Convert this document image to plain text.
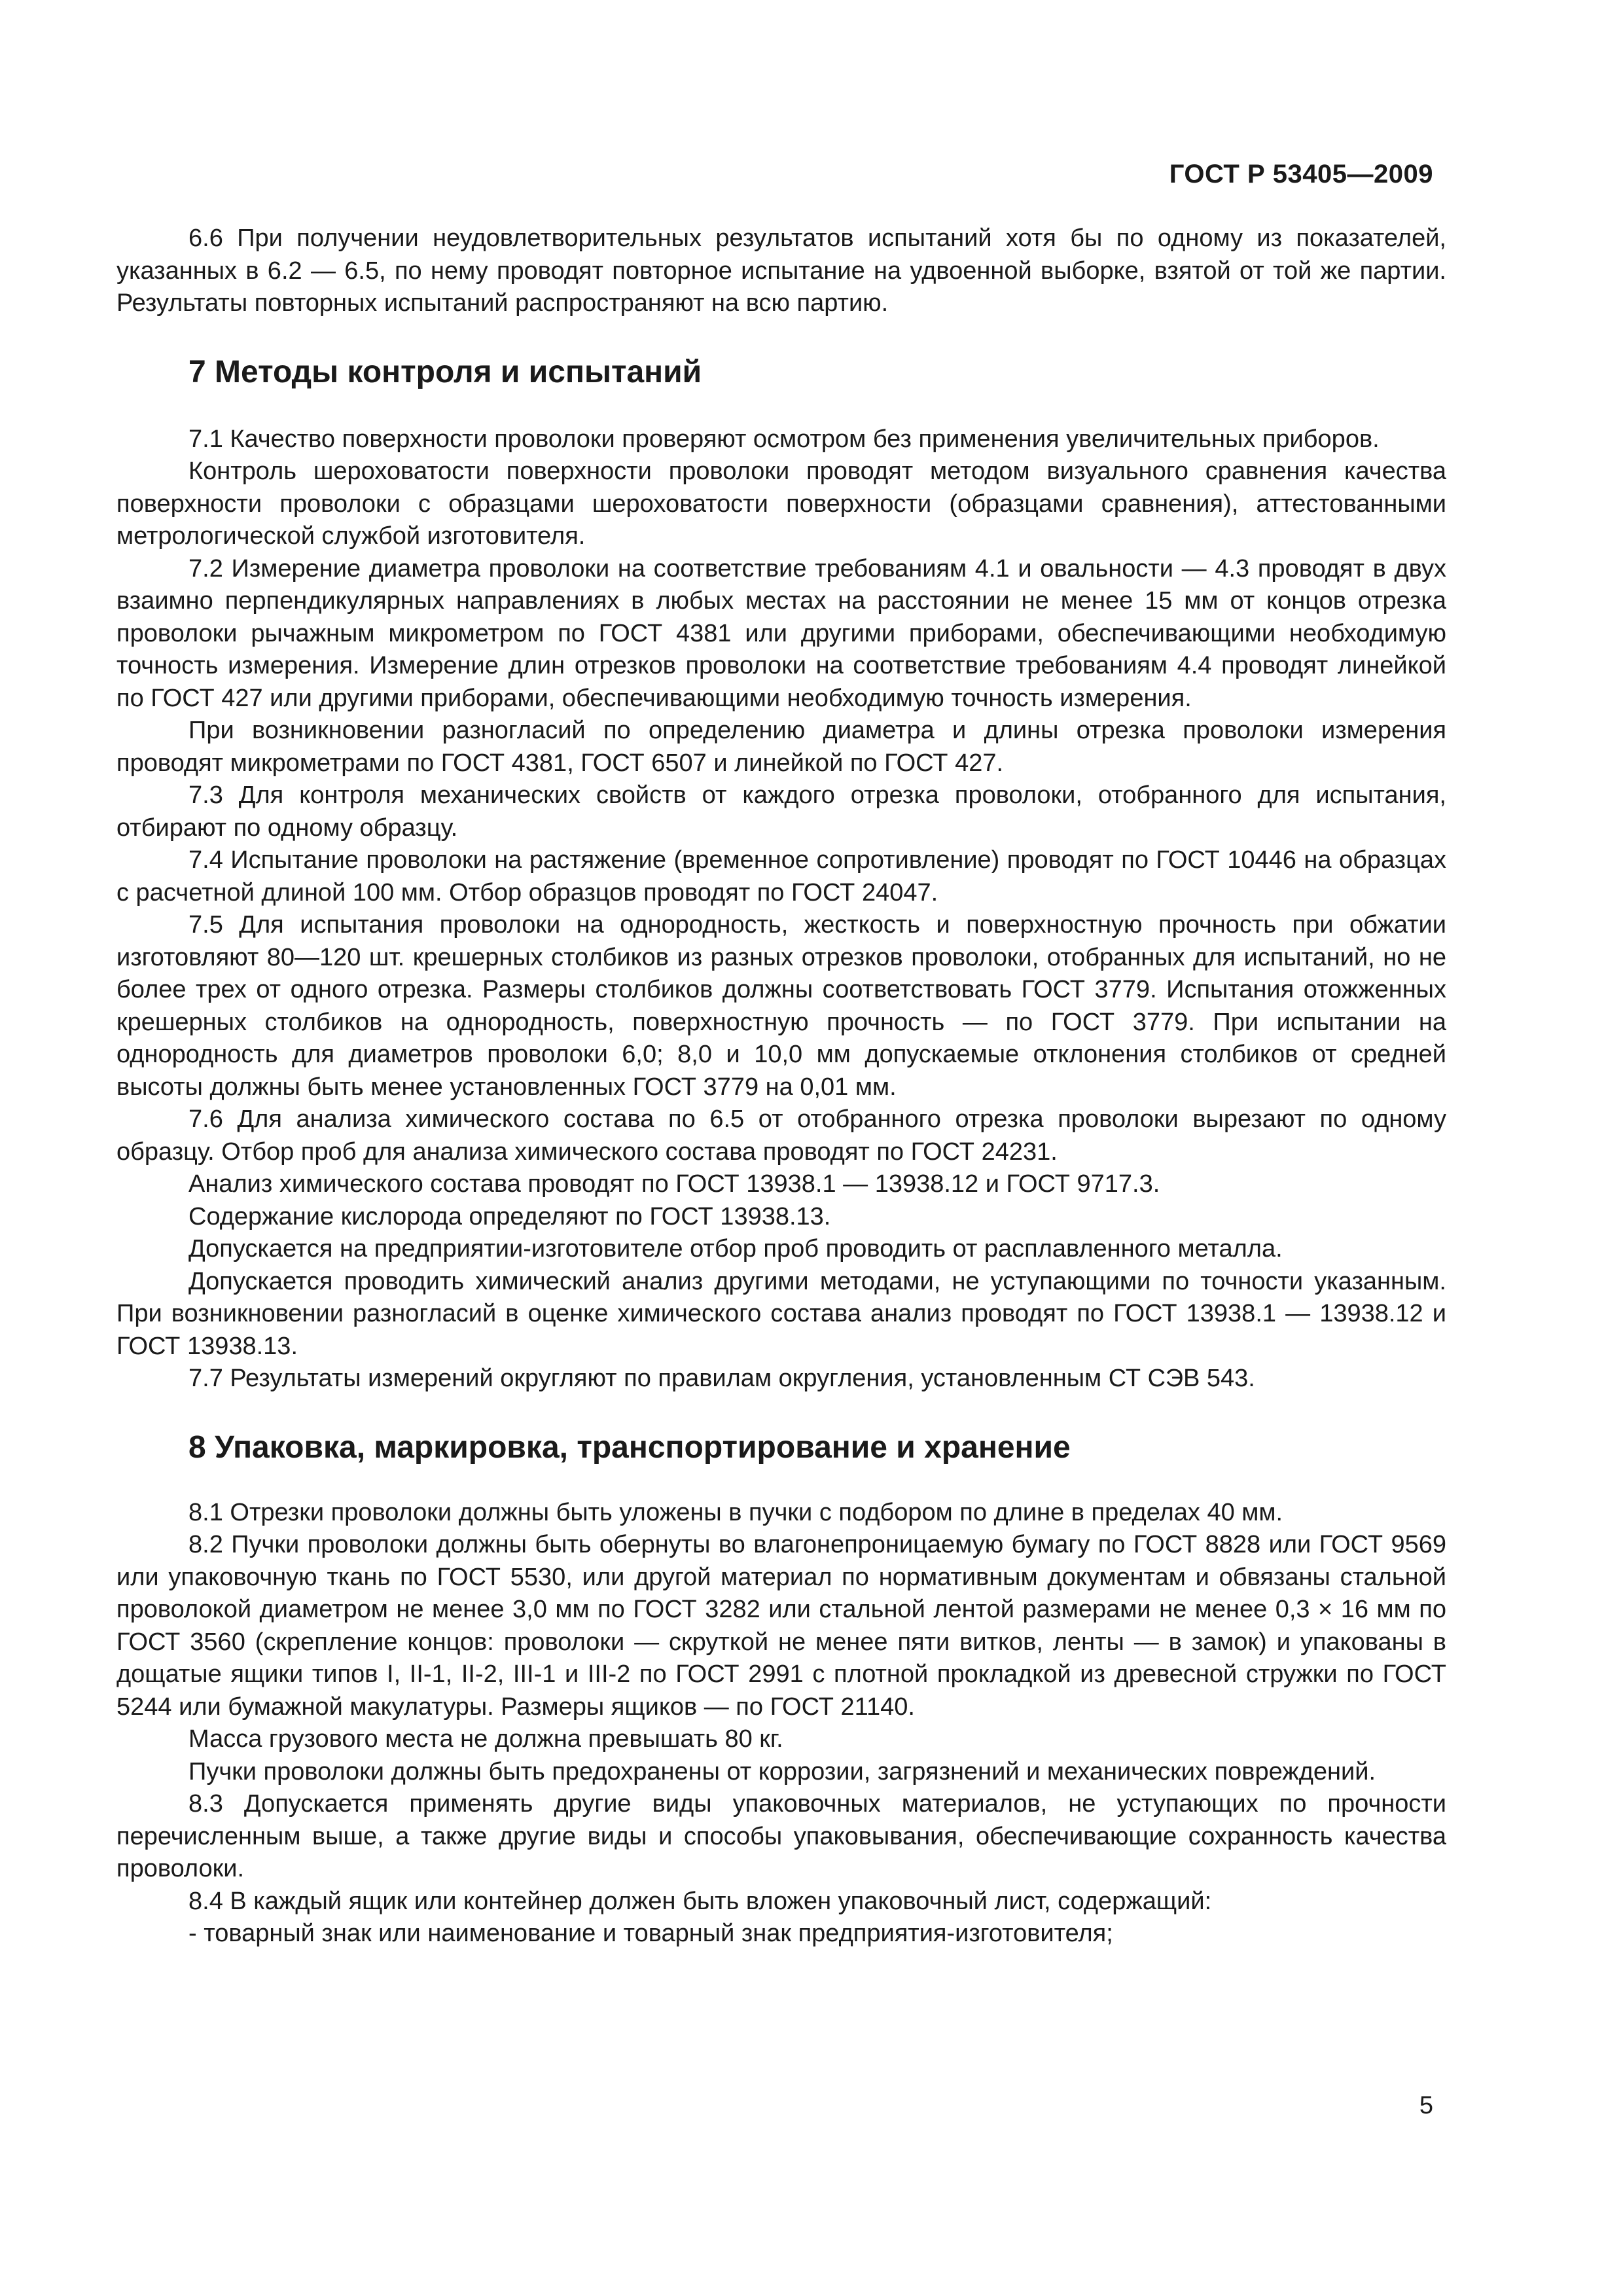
ГОСТ Р 53405—2009

6.6 При получении неудовлетворительных результатов испытаний хотя бы по одному из показателей, указанных в 6.2 — 6.5, по нему проводят повторное испытание на удвоенной выборке, взятой от той же партии. Результаты повторных испытаний распространяют на всю партию.

7 Методы контроля и испытаний

7.1 Качество поверхности проволоки проверяют осмотром без применения увеличительных приборов.

Контроль шероховатости поверхности проволоки проводят методом визуального сравнения качества поверхности проволоки с образцами шероховатости поверхности (образцами сравнения), аттестованными метрологической службой изготовителя.

7.2 Измерение диаметра проволоки на соответствие требованиям 4.1 и овальности — 4.3 проводят в двух взаимно перпендикулярных направлениях в любых местах на расстоянии не менее 15 мм от концов отрезка проволоки рычажным микрометром по ГОСТ 4381 или другими приборами, обеспечивающими необходимую точность измерения. Измерение длин отрезков проволоки на соответствие требованиям 4.4 проводят линейкой по ГОСТ 427 или другими приборами, обеспечивающими необходимую точность измерения.

При возникновении разногласий по определению диаметра и длины отрезка проволоки измерения проводят микрометрами по ГОСТ 4381, ГОСТ 6507 и линейкой по ГОСТ 427.

7.3 Для контроля механических свойств от каждого отрезка проволоки, отобранного для испытания, отбирают по одному образцу.

7.4 Испытание проволоки на растяжение (временное сопротивление) проводят по ГОСТ 10446 на образцах с расчетной длиной 100 мм. Отбор образцов проводят по ГОСТ 24047.

7.5 Для испытания проволоки на однородность, жесткость и поверхностную прочность при обжатии изготовляют 80—120 шт. крешерных столбиков из разных отрезков проволоки, отобранных для испытаний, но не более трех от одного отрезка. Размеры столбиков должны соответствовать ГОСТ 3779. Испытания отожженных крешерных столбиков на однородность, поверхностную прочность — по ГОСТ 3779. При испытании на однородность для диаметров проволоки 6,0; 8,0 и 10,0 мм допускаемые отклонения столбиков от средней высоты должны быть менее установленных ГОСТ 3779 на 0,01 мм.

7.6 Для анализа химического состава по 6.5 от отобранного отрезка проволоки вырезают по одному образцу. Отбор проб для анализа химического состава проводят по ГОСТ 24231.

Анализ химического состава проводят по ГОСТ 13938.1 — 13938.12 и ГОСТ 9717.3.

Содержание кислорода определяют по ГОСТ 13938.13.

Допускается на предприятии-изготовителе отбор проб проводить от расплавленного металла.

Допускается проводить химический анализ другими методами, не уступающими по точности указанным. При возникновении разногласий в оценке химического состава анализ проводят по ГОСТ 13938.1 — 13938.12 и ГОСТ 13938.13.

7.7 Результаты измерений округляют по правилам округления, установленным СТ СЭВ 543.

8 Упаковка, маркировка, транспортирование и хранение

8.1 Отрезки проволоки должны быть уложены в пучки с подбором по длине в пределах 40 мм.

8.2 Пучки проволоки должны быть обернуты во влагонепроницаемую бумагу по ГОСТ 8828 или ГОСТ 9569 или упаковочную ткань по ГОСТ 5530, или другой материал по нормативным документам и обвязаны стальной проволокой диаметром не менее 3,0 мм по ГОСТ 3282 или стальной лентой размерами не менее 0,3 × 16 мм по ГОСТ 3560 (скрепление концов: проволоки — скруткой не менее пяти витков, ленты — в замок) и упакованы в дощатые ящики типов I, II-1, II-2, III-1 и III-2 по ГОСТ 2991 с плотной прокладкой из древесной стружки по ГОСТ 5244 или бумажной макулатуры. Размеры ящиков — по ГОСТ 21140.

Масса грузового места не должна превышать 80 кг.

Пучки проволоки должны быть предохранены от коррозии, загрязнений и механических повреждений.

8.3 Допускается применять другие виды упаковочных материалов, не уступающих по прочности перечисленным выше, а также другие виды и способы упаковывания, обеспечивающие сохранность качества проволоки.

8.4 В каждый ящик или контейнер должен быть вложен упаковочный лист, содержащий:

- товарный знак или наименование и товарный знак предприятия-изготовителя;

5
